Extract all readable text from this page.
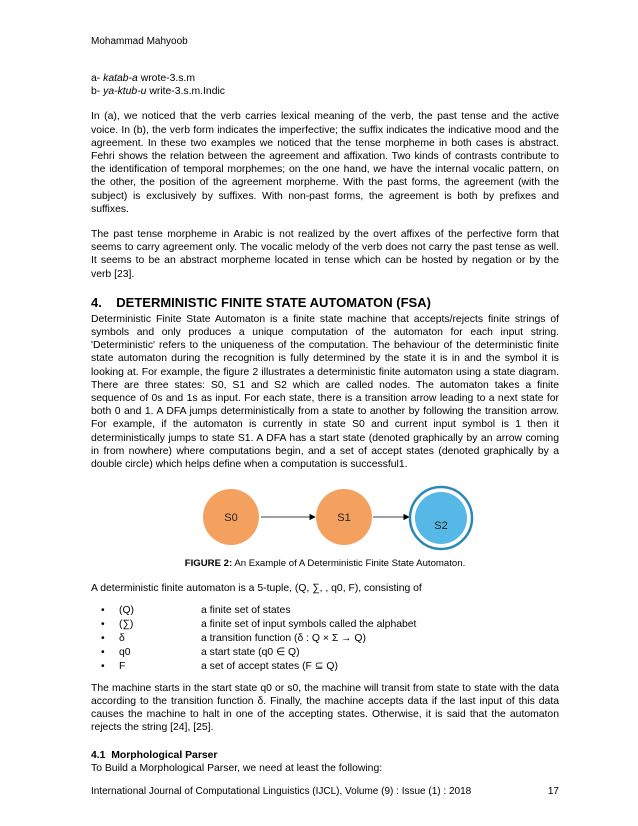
Mohammad Mahyoob

a- katab-a wrote-3.s.m

b- ya-ktub-u write-3.s.m.Indic

In (a), we noticed that the verb carries lexical meaning of the verb, the past tense and the active voice. In (b), the verb form indicates the imperfective; the suffix indicates the indicative mood and the agreement. In these two examples we noticed that the tense morpheme in both cases is abstract. Fehri shows the relation between the agreement and affixation. Two kinds of contrasts contribute to the identification of temporal morphemes; on the one hand, we have the internal vocalic pattern, on the other, the position of the agreement morpheme. With the past forms, the agreement (with the subject) is exclusively by suffixes. With non-past forms, the agreement is both by prefixes and suffixes.

The past tense morpheme in Arabic is not realized by the overt affixes of the perfective form that seems to carry agreement only. The vocalic melody of the verb does not carry the past tense as well. It seems to be an abstract morpheme located in tense which can be hosted by negation or by the verb [23].

4.    DETERMINISTIC FINITE STATE AUTOMATON (FSA)

Deterministic Finite State Automaton is a finite state machine that accepts/rejects finite strings of symbols and only produces a unique computation of the automaton for each input string. 'Deterministic' refers to the uniqueness of the computation. The behaviour of the deterministic finite state automaton during the recognition is fully determined by the state it is in and the symbol it is looking at. For example, the figure 2 illustrates a deterministic finite automaton using a state diagram. There are three states: S0, S1 and S2 which are called nodes. The automaton takes a finite sequence of 0s and 1s as input. For each state, there is a transition arrow leading to a next state for both 0 and 1. A DFA jumps deterministically from a state to another by following the transition arrow. For example, if the automaton is currently in state S0 and current input symbol is 1 then it deterministically jumps to state S1. A DFA has a start state (denoted graphically by an arrow coming in from nowhere) where computations begin, and a set of accept states (denoted graphically by a double circle) which helps define when a computation is successful1.

S0	S1
S2
FIGURE 2: An Example of A Deterministic Finite State Automaton.

A deterministic finite automaton is a 5-tuple, (Q, ∑, , q0, F), consisting of

• (Q)	a finite set of states
• (∑)	a finite set of input symbols called the alphabet
• δ	a transition function (δ : Q × Σ → Q)
• q0	a start state (q0 ∈ Q)
• F	a set of accept states (F ⊆ Q)

The machine starts in the start state q0 or s0, the machine will transit from state to state with the data according to the transition function δ. Finally, the machine accepts data if the last input of this data causes the machine to halt in one of the accepting states. Otherwise, it is said that the automaton rejects the string [24], [25].

4.1  Morphological Parser

To Build a Morphological Parser, we need at least the following:

International Journal of Computational Linguistics (IJCL), Volume (9) : Issue (1) : 2018	17
